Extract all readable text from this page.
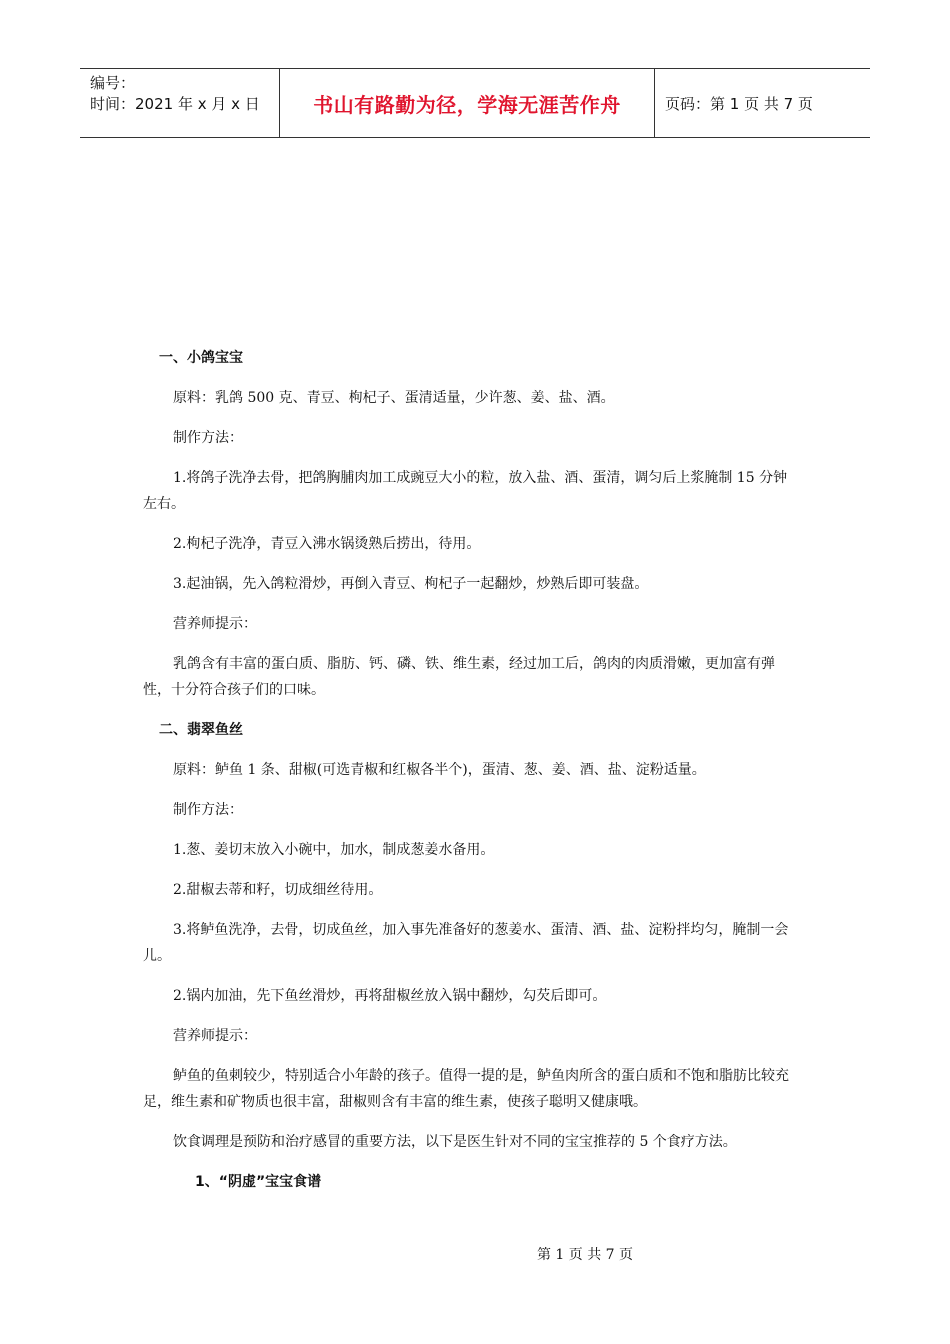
编号：
时间：2021 年 x 月 x 日	书山有路勤为径，学海无涯苦作舟	页码：第 1 页 共 7 页
一、小鸽宝宝

原料：乳鸽 500 克、青豆、枸杞子、蛋清适量，少许葱、姜、盐、酒。

制作方法：

1.将鸽子洗净去骨，把鸽胸脯肉加工成豌豆大小的粒，放入盐、酒、蛋清，调匀后上浆腌制 15 分钟左右。

2.枸杞子洗净，青豆入沸水锅烫熟后捞出，待用。

3.起油锅，先入鸽粒滑炒，再倒入青豆、枸杞子一起翻炒，炒熟后即可装盘。

营养师提示：

乳鸽含有丰富的蛋白质、脂肪、钙、磷、铁、维生素，经过加工后，鸽肉的肉质滑嫩，更加富有弹性，十分符合孩子们的口味。

二、翡翠鱼丝

原料：鲈鱼 1 条、甜椒(可选青椒和红椒各半个)，蛋清、葱、姜、酒、盐、淀粉适量。

制作方法：

1.葱、姜切末放入小碗中，加水，制成葱姜水备用。

2.甜椒去蒂和籽，切成细丝待用。

3.将鲈鱼洗净，去骨，切成鱼丝，加入事先准备好的葱姜水、蛋清、酒、盐、淀粉拌均匀，腌制一会儿。

2.锅内加油，先下鱼丝滑炒，再将甜椒丝放入锅中翻炒，勾芡后即可。

营养师提示：

鲈鱼的鱼刺较少，特别适合小年龄的孩子。值得一提的是，鲈鱼肉所含的蛋白质和不饱和脂肪比较充足，维生素和矿物质也很丰富，甜椒则含有丰富的维生素，使孩子聪明又健康哦。

饮食调理是预防和治疗感冒的重要方法，以下是医生针对不同的宝宝推荐的 5 个食疗方法。

1、“阴虚”宝宝食谱
第 1 页 共 7 页
